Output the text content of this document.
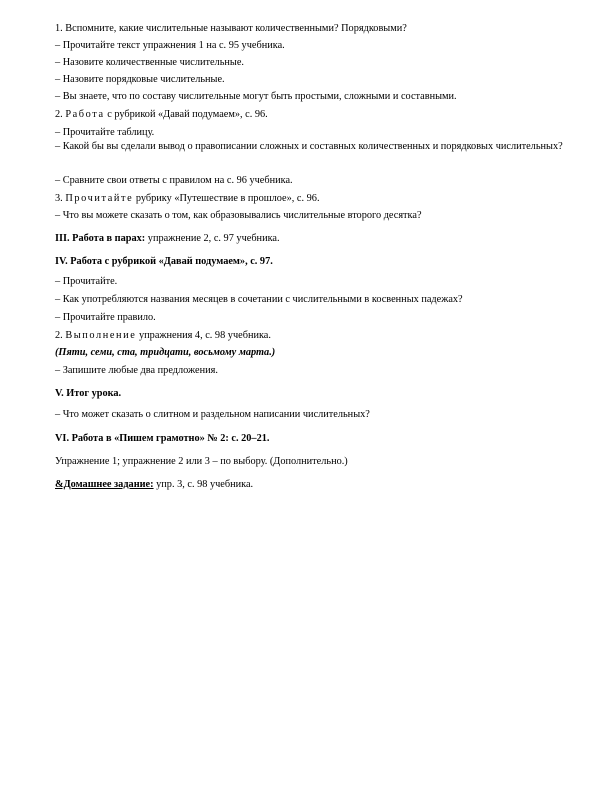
1. Вспомните, какие числительные называют количественными? Порядковыми?
– Прочитайте текст упражнения 1 на с. 95 учебника.
– Назовите количественные числительные.
– Назовите порядковые числительные.
– Вы знаете, что по составу числительные могут быть простыми, сложными и составными.
2. Работа с рубрикой «Давай подумаем», с. 96.
– Прочитайте таблицу.
– Какой бы вы сделали вывод о правописании сложных и составных количественных и порядковых числительных?
– Сравните свои ответы с правилом на с. 96 учебника.
3. Прочитайте рубрику «Путешествие в прошлое», с. 96.
– Что вы можете сказать о том, как образовывались числительные второго десятка?
III. Работа в парах: упражнение 2, с. 97 учебника.
IV. Работа с рубрикой «Давай подумаем», с. 97.
– Прочитайте.
– Как употребляются названия месяцев в сочетании с числительными в косвенных падежах?
– Прочитайте правило.
2. Выполнение упражнения 4, с. 98 учебника.
(Пяти, семи, ста, тридцати, восьмому марта.)
– Запишите любые два предложения.
V. Итог урока.
– Что может сказать о слитном и раздельном написании числительных?
VI. Работа в «Пишем грамотно» № 2: с. 20–21.
Упражнение 1; упражнение 2 или 3 – по выбору. (Дополнительно.)
&Домашнее задание: упр. 3, с. 98 учебника.
